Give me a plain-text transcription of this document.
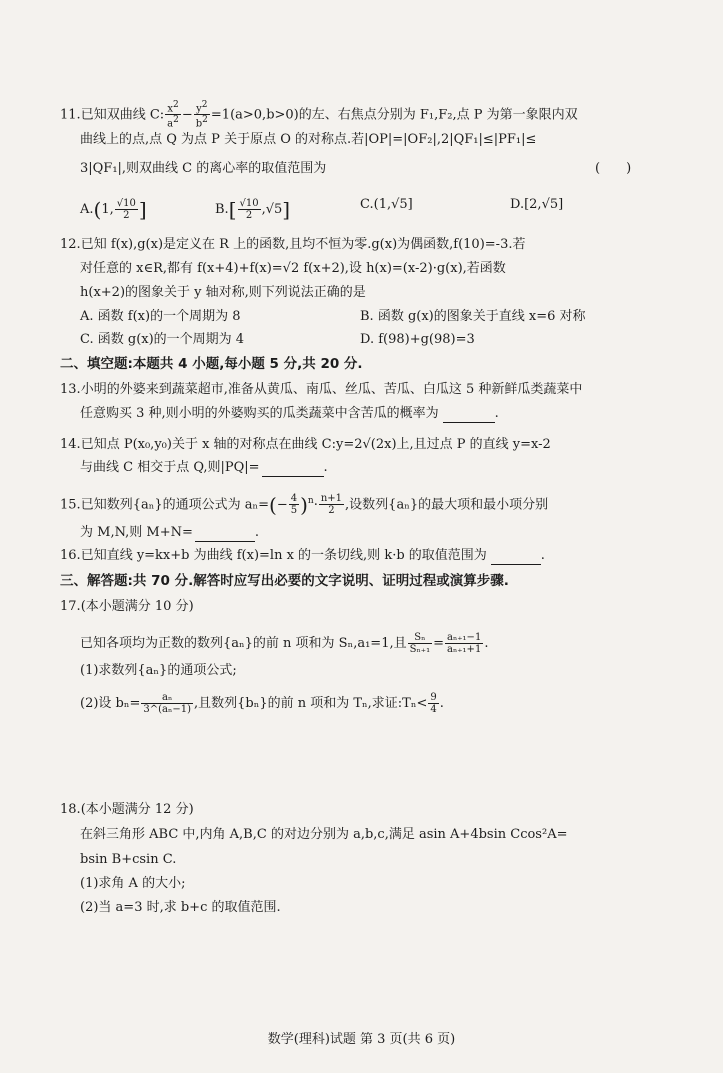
11.已知双曲线 C: $\frac{x2}{a2} - \frac{y2}{b2} =1(a>0,b>0)$的左、右焦点分别为 F₁,F₂,点 P 为第一象限内双
曲线上的点,点 Q 为点 P 关于原点 O 的对称点.若|OP|=|OF₂|,2|QF₁|≤|PF₁|≤
3|QF₁|,则双曲线 C 的离心率的取值范围为	(　　)
A.(1, $\frac{√10}{2}$ ]	$B.[ \frac{√10}{2} ,√5]$	C.(1,√5]	D.[2,√5]
12.已知 f(x),g(x)是定义在 R 上的函数,且均不恒为零.g(x)为偶函数,f(10)=-3.若
对任意的 x∈R,都有 f(x+4)+f(x)=√2 f(x+2),设 h(x)=(x-2)·g(x),若函数
h(x+2)的图象关于 y 轴对称,则下列说法正确的是
A. 函数 f(x)的一个周期为 8	B. 函数 g(x)的图象关于直线 x=6 对称
C. 函数 g(x)的一个周期为 4	D. f(98)+g(98)=3
二、填空题:本题共 4 小题,每小题 5 分,共 20 分.
13.小明的外婆来到蔬菜超市,准备从黄瓜、南瓜、丝瓜、苦瓜、白瓜这 5 种新鲜瓜类蔬菜中
任意购买 3 种,则小明的外婆购买的瓜类蔬菜中含苦瓜的概率为	.
14.已知点 P(x₀,y₀)关于 x 轴的对称点在曲线 C:y=2√(2x)上,且过点 P 的直线 y=x-2
与曲线 C 相交于点 Q,则|PQ|=	.
15.已知数列{aₙ}的通项公式为 $a_n=(- \frac{4}{5} )^n\cdot \frac{n+1}{2}$ ,设数列{aₙ}的最大项和最小项分别
为 M,N,则 M+N=	.
16.已知直线 y=kx+b 为曲线 f(x)=ln x 的一条切线,则 k·b 的取值范围为	.
三、解答题:共 70 分.解答时应写出必要的文字说明、证明过程或演算步骤.
17.(本小题满分 10 分)
已知各项均为正数的数列{aₙ}的前 n 项和为 Sₙ,a₁=1,且 $\frac{\text{Sₙ}}{\text{Sₙ₊₁}} = \frac{\text{aₙ₊₁−1}}{\text{aₙ₊₁+1}}$ .
(1)求数列{aₙ}的通项公式;
(2)设 $b_n= \frac{\text{aₙ}}{\text{3\textasciicircum{}(aₙ−1)}}$ ,且数列{bₙ}的前 n 项和为 Tₙ,求证:Tₙ< $\frac{9}{4}$ .
18.(本小题满分 12 分)
在斜三角形 ABC 中,内角 A,B,C 的对边分别为 a,b,c,满足 asin A+4bsin Ccos²A=
bsin B+csin C.
(1)求角 A 的大小;
(2)当 a=3 时,求 b+c 的取值范围.
数学(理科)试题 第 3 页(共 6 页)
